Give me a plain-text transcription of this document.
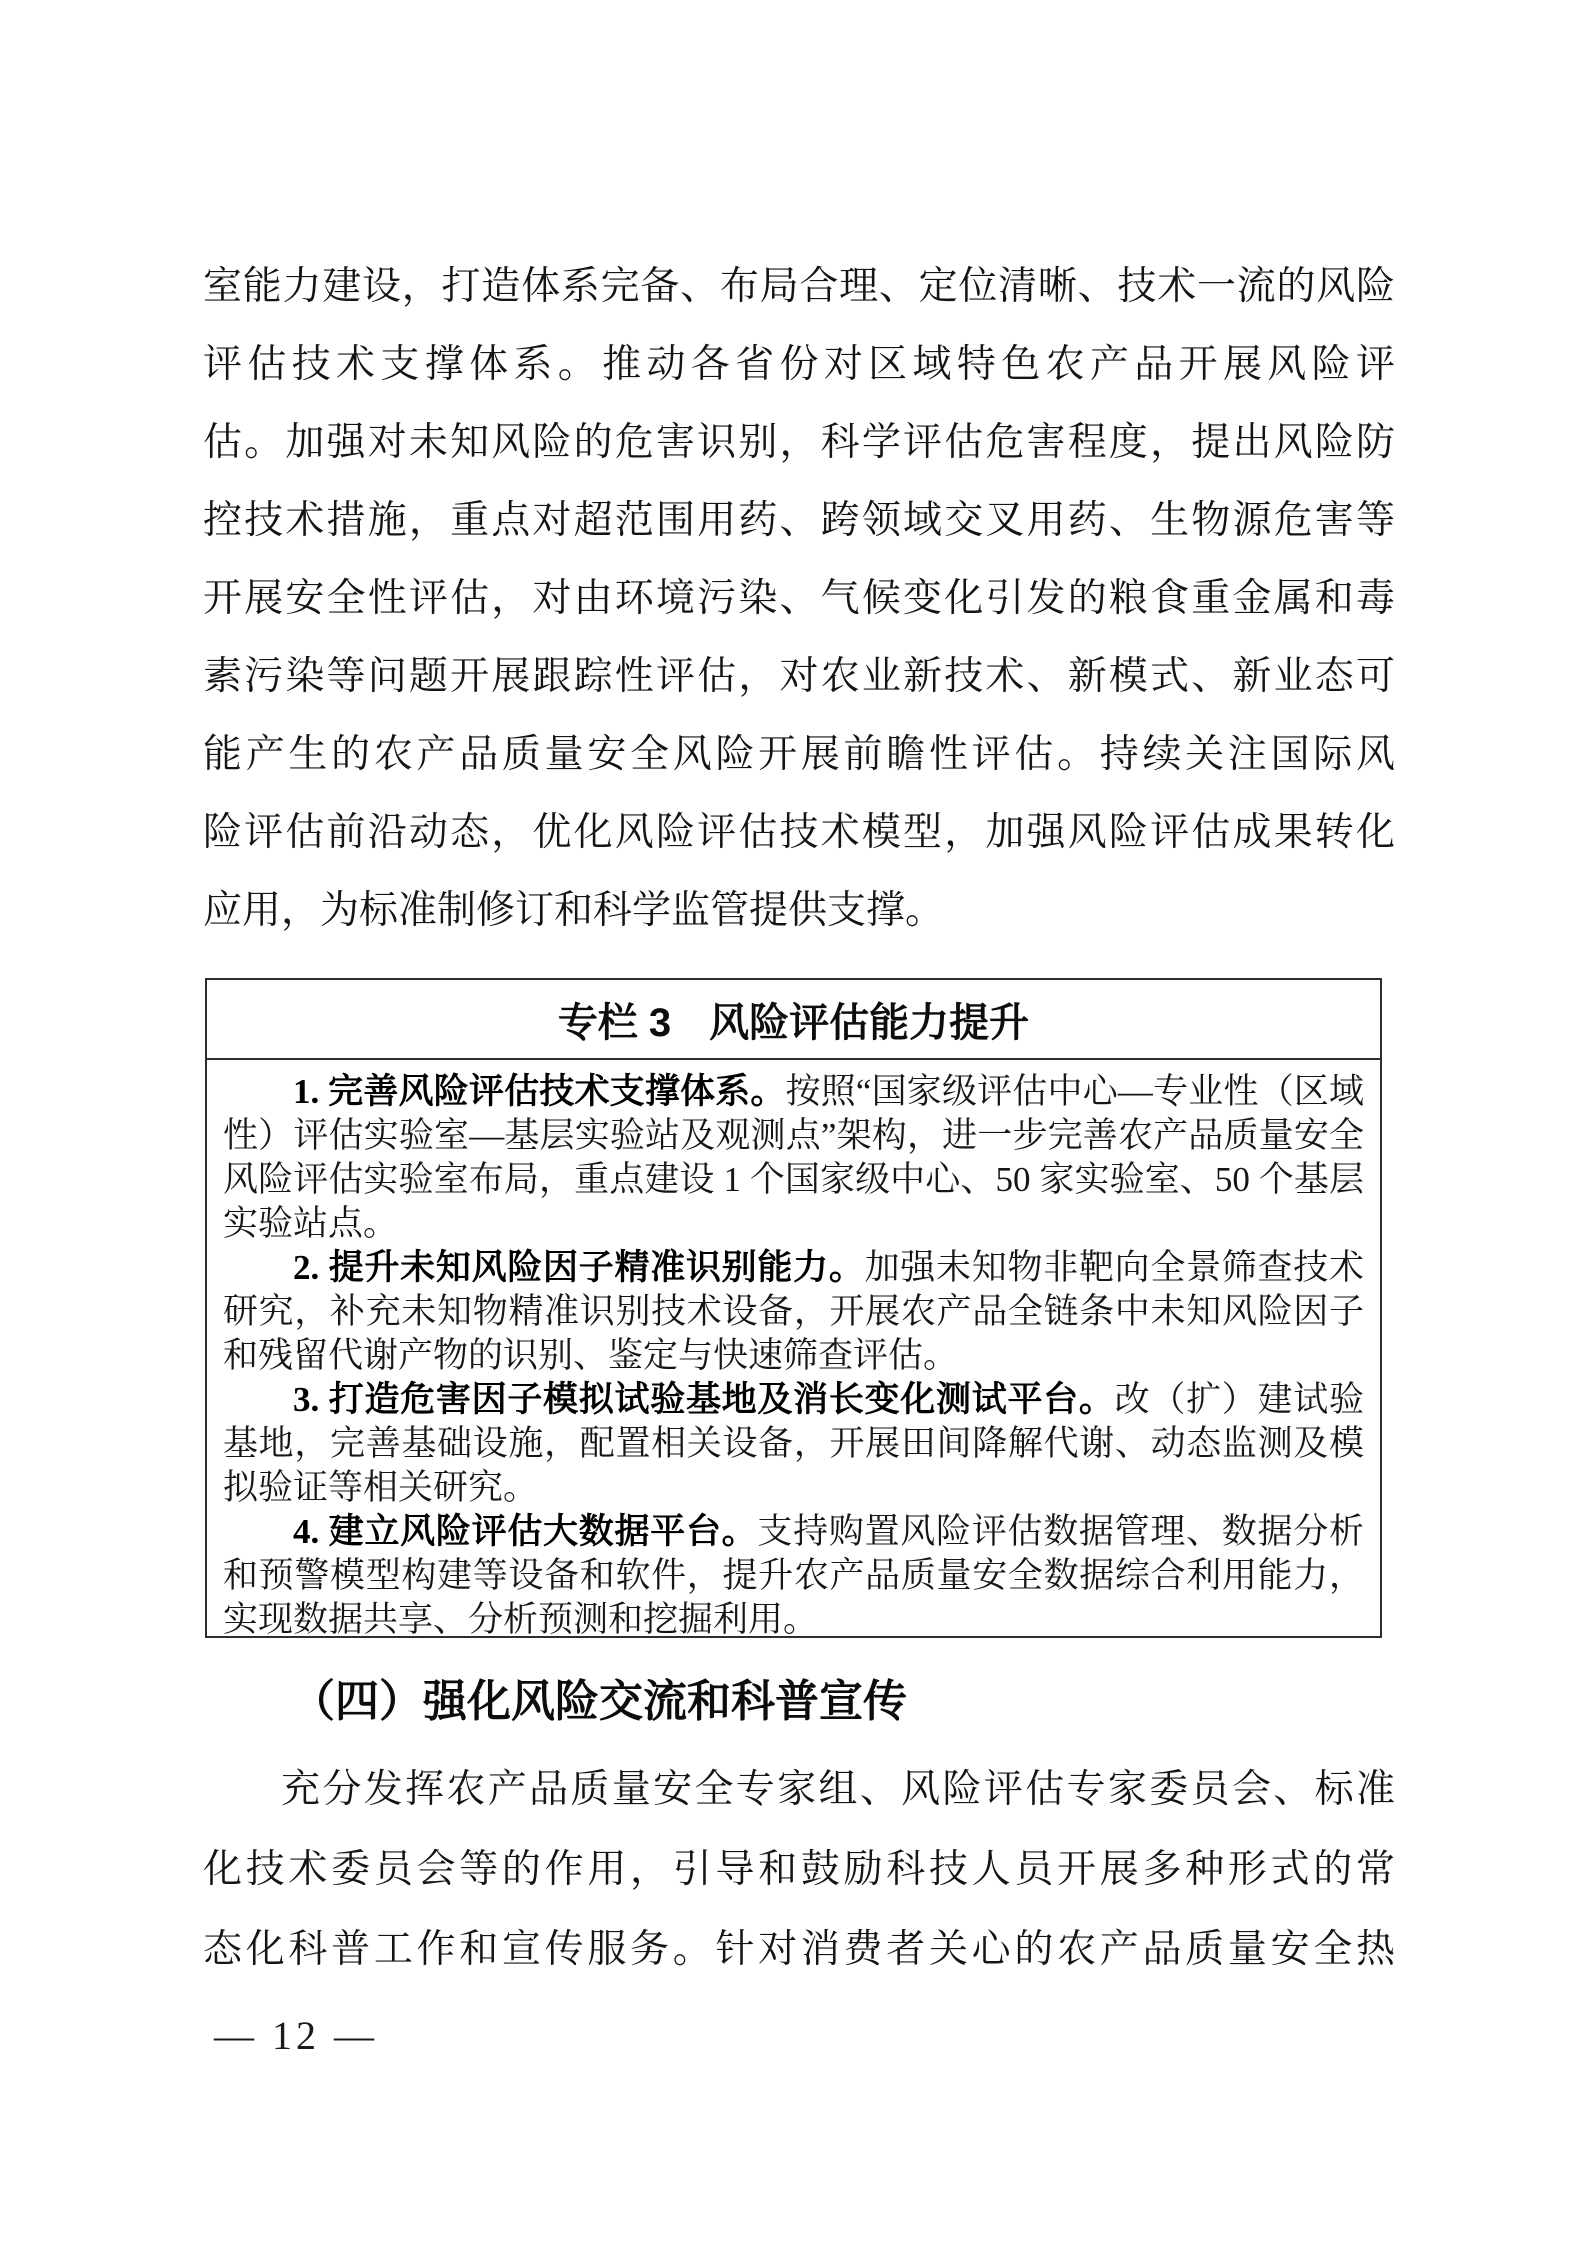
室能力建设，打造体系完备、布局合理、定位清晰、技术一流的风险
评估技术支撑体系。推动各省份对区域特色农产品开展风险评
估。加强对未知风险的危害识别，科学评估危害程度，提出风险防
控技术措施，重点对超范围用药、跨领域交叉用药、生物源危害等
开展安全性评估，对由环境污染、气候变化引发的粮食重金属和毒
素污染等问题开展跟踪性评估，对农业新技术、新模式、新业态可
能产生的农产品质量安全风险开展前瞻性评估。持续关注国际风
险评估前沿动态，优化风险评估技术模型，加强风险评估成果转化
应用，为标准制修订和科学监管提供支撑。
专栏 3 风险评估能力提升

1. 完善风险评估技术支撑体系。按照“国家级评估中心—专业性（区域性）评估实验室—基层实验站及观测点”架构，进一步完善农产品质量安全风险评估实验室布局，重点建设 1 个国家级中心、50 家实验室、50 个基层实验站点。

2. 提升未知风险因子精准识别能力。加强未知物非靶向全景筛查技术研究，补充未知物精准识别技术设备，开展农产品全链条中未知风险因子和残留代谢产物的识别、鉴定与快速筛查评估。

3. 打造危害因子模拟试验基地及消长变化测试平台。改（扩）建试验基地，完善基础设施，配置相关设备，开展田间降解代谢、动态监测及模拟验证等相关研究。

4. 建立风险评估大数据平台。支持购置风险评估数据管理、数据分析和预警模型构建等设备和软件，提升农产品质量安全数据综合利用能力，实现数据共享、分析预测和挖掘利用。

（四）强化风险交流和科普宣传
充分发挥农产品质量安全专家组、风险评估专家委员会、标准
化技术委员会等的作用，引导和鼓励科技人员开展多种形式的常
态化科普工作和宣传服务。针对消费者关心的农产品质量安全热
— 12 —
